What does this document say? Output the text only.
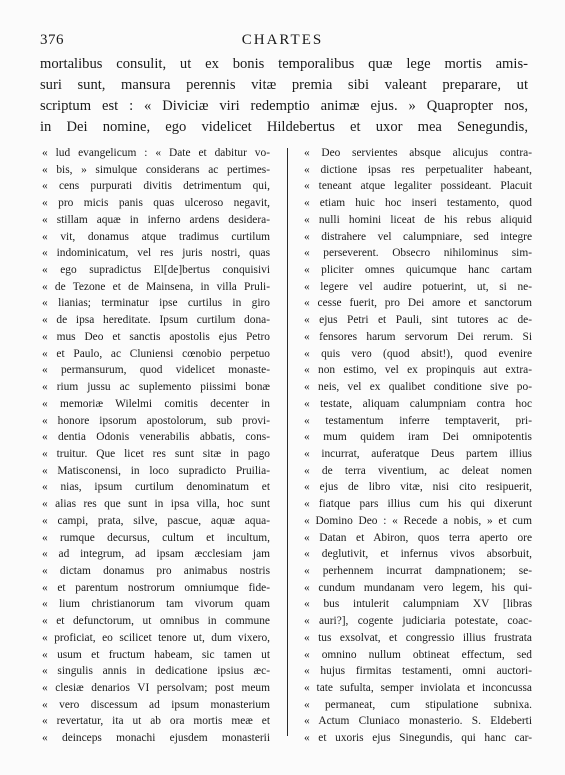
376	CHARTES
mortalibus consulit, ut ex bonis temporalibus quæ lege mortis amis-
suri sunt, mansura perennis vitæ premia sibi valeant preparare, ut
scriptum est : « Diviciæ viri redemptio animæ ejus. » Quapropter nos,
in Dei nomine, ego videlicet Hildebertus et uxor mea Senegundis,
« lud evangelicum : « Date et dabitur vo-
« bis, » simulque considerans ac pertimes-
« cens purpurati divitis detrimentum qui,
« pro micis panis quas ulceroso negavit,
« stillam aquæ in inferno ardens desidera-
« vit, donamus atque tradimus curtilum
« indominicatum, vel res juris nostri, quas
« ego supradictus El[de]bertus conquisivi
« de Tezone et de Mainsena, in villa Pruli-
« lianias; terminatur ipse curtilus in giro
« de ipsa hereditate. Ipsum curtilum dona-
« mus Deo et sanctis apostolis ejus Petro
« et Paulo, ac Cluniensi cœnobio perpetuo
« permansurum, quod videlicet monaste-
« rium jussu ac suplemento piissimi bonæ
« memoriæ Wilelmi comitis decenter in
« honore ipsorum apostolorum, sub provi-
« dentia Odonis venerabilis abbatis, cons-
« truitur. Que licet res sunt sitæ in pago
« Matisconensi, in loco supradicto Pruilia-
« nias, ipsum curtilum denominatum et
« alias res que sunt in ipsa villa, hoc sunt
« campi, prata, silve, pascue, aquæ aqua-
« rumque decursus, cultum et incultum,
« ad integrum, ad ipsam æcclesiam jam
« dictam donamus pro animabus nostris
« et parentum nostrorum omniumque fide-
« lium christianorum tam vivorum quam
« et defunctorum, ut omnibus in commune
« proficiat, eo scilicet tenore ut, dum vixero,
« usum et fructum habeam, sic tamen ut
« singulis annis in dedicatione ipsius æc-
« clesiæ denarios VI persolvam; post meum
« vero discessum ad ipsum monasterium
« revertatur, ita ut ab ora mortis meæ et
« deinceps monachi ejusdem monasterii
« Deo servientes absque alicujus contra-
« dictione ipsas res perpetualiter habeant,
« teneant atque legaliter possideant. Placuit
« etiam huic hoc inseri testamento, quod
« nulli homini liceat de his rebus aliquid
« distrahere vel calumpniare, sed integre
« perseverent. Obsecro nihilominus sim-
« pliciter omnes quicumque hanc cartam
« legere vel audire potuerint, ut, si ne-
« cesse fuerit, pro Dei amore et sanctorum
« ejus Petri et Pauli, sint tutores ac de-
« fensores harum servorum Dei rerum. Si
« quis vero (quod absit!), quod evenire
« non estimo, vel ex propinquis aut extra-
« neis, vel ex qualibet conditione sive po-
« testate, aliquam calumpniam contra hoc
« testamentum inferre temptaverit, pri-
« mum quidem iram Dei omnipotentis
« incurrat, auferatque Deus partem illius
« de terra viventium, ac deleat nomen
« ejus de libro vitæ, nisi cito resipuerit,
« fiatque pars illius cum his qui dixerunt
« Domino Deo : « Recede a nobis, » et cum
« Datan et Abiron, quos terra aperto ore
« deglutivit, et infernus vivos absorbuit,
« perhennem incurrat dampnationem; se-
« cundum mundanam vero legem, his qui-
« bus intulerit calumpniam XV [libras
« auri?], cogente judiciaria potestate, coac-
« tus exsolvat, et congressio illius frustrata
« omnino nullum obtineat effectum, sed
« hujus firmitas testamenti, omni auctori-
« tate sufulta, semper inviolata et inconcussa
« permaneat, cum stipulatione subnixa.
« Actum Cluniaco monasterio. S. Eldeberti
« et uxoris ejus Sinegundis, qui hanc car-
